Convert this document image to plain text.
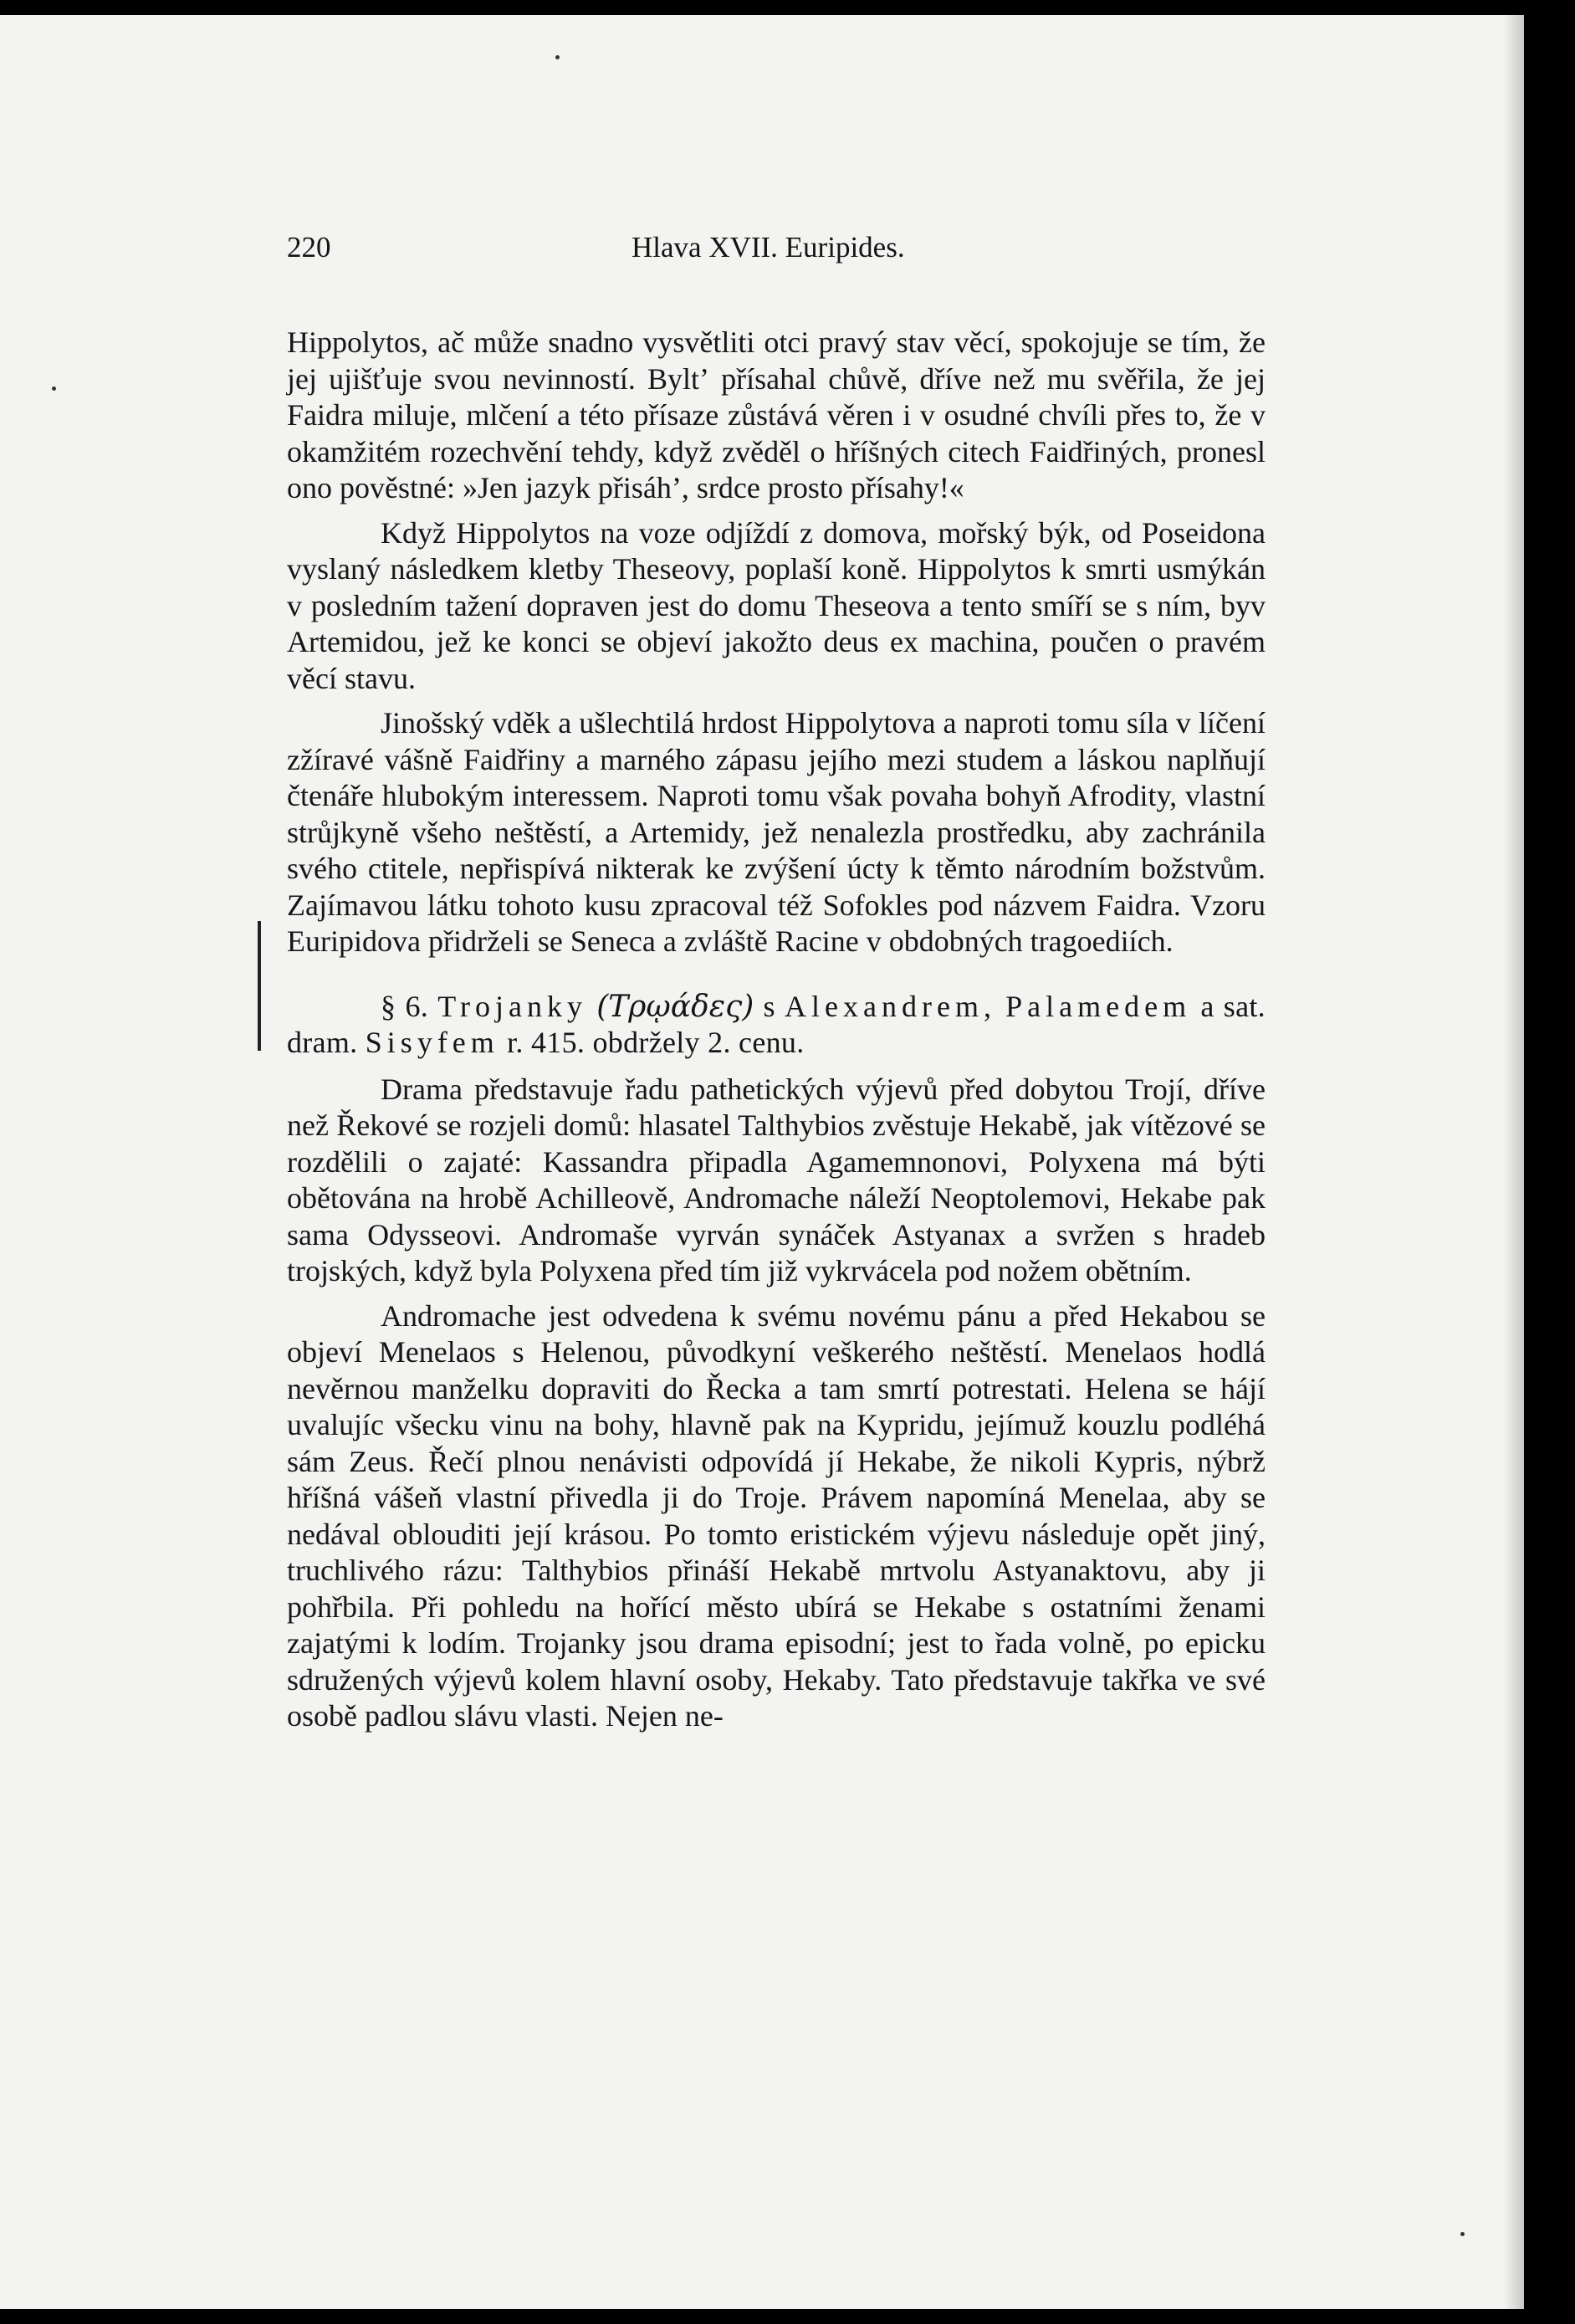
220	Hlava XVII. Euripides.

Hippolytos, ač může snadno vysvětliti otci pravý stav věcí, spokojuje se tím, že jej ujišťuje svou nevinností. Byltʼ přísahal chůvě, dříve než mu svěřila, že jej Faidra miluje, mlčení a této přísaze zůstává věren i v osudné chvíli přes to, že v okamžitém rozechvění tehdy, když zvěděl o hříšných citech Faidřiných, pronesl ono pověstné: »Jen jazyk přisáh’, srdce prosto přísahy!«

Když Hippolytos na voze odjíždí z domova, mořský býk, od Poseidona vyslaný následkem kletby Theseovy, poplaší koně. Hippolytos k smrti usmýkán v posledním tažení dopraven jest do domu Theseova a tento smíří se s ním, byv Artemidou, jež ke konci se objeví jakožto deus ex machina, poučen o pravém věcí stavu.

Jinošský vděk a ušlechtilá hrdost Hippolytova a naproti tomu síla v líčení zžíravé vášně Faidřiny a marného zápasu jejího mezi studem a láskou naplňují čtenáře hlubokým interessem. Naproti tomu však povaha bohyň Afrodity, vlastní strůjkyně všeho neštěstí, a Artemidy, jež nenalezla prostředku, aby zachránila svého ctitele, nepřispívá nikterak ke zvýšení úcty k těmto národním božstvům. Zajímavou látku tohoto kusu zpracoval též Sofokles pod názvem Faidra. Vzoru Euripidova přidrželi se Seneca a zvláště Racine v obdobných tragoediích.

§ 6. Trojanky (Τρῳάδες) s Alexandrem, Palamedem a sat. dram. Sisyfem r. 415. obdržely 2. cenu.

Drama představuje řadu pathetických výjevů před dobytou Trojí, dříve než Řekové se rozjeli domů: hlasatel Talthybios zvěstuje Hekabě, jak vítězové se rozdělili o zajaté: Kassandra připadla Agamemnonovi, Polyxena má býti obětována na hrobě Achilleově, Andromache náleží Neoptolemovi, Hekabe pak sama Odysseovi. Andromaše vyrván synáček Astyanax a svržen s hradeb trojských, když byla Polyxena před tím již vykrvácela pod nožem obětním.

Andromache jest odvedena k svému novému pánu a před Hekabou se objeví Menelaos s Helenou, původkyní veškerého neštěstí. Menelaos hodlá nevěrnou manželku dopraviti do Řecka a tam smrtí potrestati. Helena se hájí uvalujíc všecku vinu na bohy, hlavně pak na Kypridu, jejímuž kouzlu podléhá sám Zeus. Řečí plnou nenávisti odpovídá jí Hekabe, že nikoli Kypris, nýbrž hříšná vášeň vlastní přivedla ji do Troje. Právem napomíná Menelaa, aby se nedával oblouditi její krásou. Po tomto eristickém výjevu následuje opět jiný, truchlivého rázu: Talthybios přináší Hekabě mrtvolu Astyanaktovu, aby ji pohřbila. Při pohledu na hořící město ubírá se Hekabe s ostatními ženami zajatými k lodím. Trojanky jsou drama episodní; jest to řada volně, po epicku sdružených výjevů kolem hlavní osoby, Hekaby. Tato představuje takřka ve své osobě padlou slávu vlasti. Nejen ne-
